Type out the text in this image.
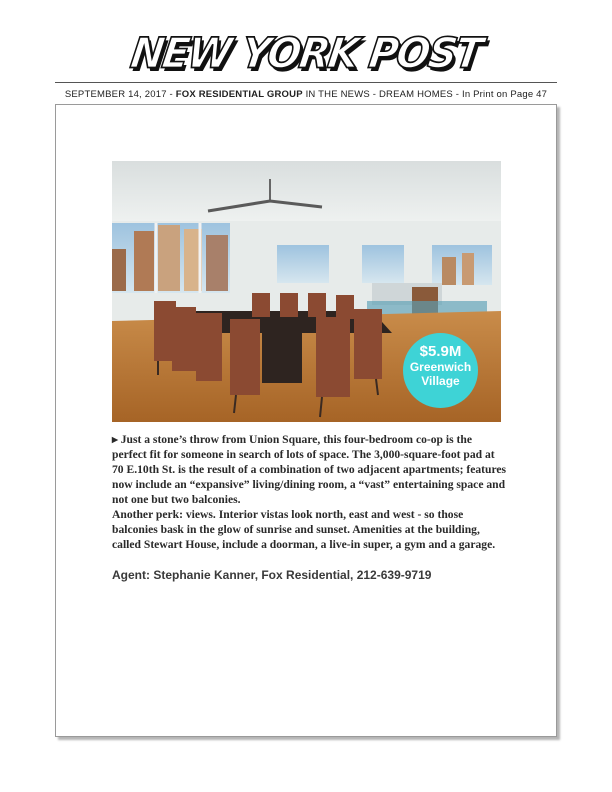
NEW YORK POST
SEPTEMBER 14, 2017 - FOX RESIDENTIAL GROUP IN THE NEWS - DREAM HOMES - In Print on Page 47
$5.9M
Greenwich
Village

▸ Just a stone’s throw from Union Square, this four-bedroom co-op is the perfect fit for someone in search of lots of space. The 3,000-square-foot pad at 70 E.10th St. is the result of a combination of two adjacent apartments; features now include an “expansive” living/dining room, a “vast” entertaining space and not one but two balconies.

Another perk: views. Interior vistas look north, east and west - so those balconies bask in the glow of sunrise and sunset. Amenities at the building, called Stewart House, include a doorman, a live-in super, a gym and a garage.

Agent: Stephanie Kanner, Fox Residential, 212-639-9719
